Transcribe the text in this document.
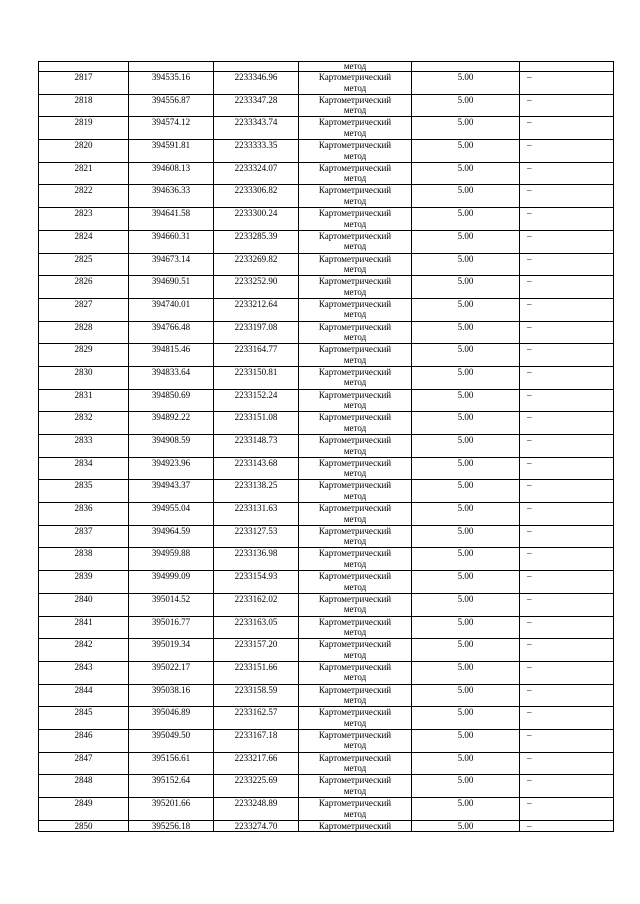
			метод		
2817	394535.16	2233346.96	Картометрический
метод	5.00	–
2818	394556.87	2233347.28	Картометрический
метод	5.00	–
2819	394574.12	2233343.74	Картометрический
метод	5.00	–
2820	394591.81	2233333.35	Картометрический
метод	5.00	–
2821	394608.13	2233324.07	Картометрический
метод	5.00	–
2822	394636.33	2233306.82	Картометрический
метод	5.00	–
2823	394641.58	2233300.24	Картометрический
метод	5.00	–
2824	394660.31	2233285.39	Картометрический
метод	5.00	–
2825	394673.14	2233269.82	Картометрический
метод	5.00	–
2826	394690.51	2233252.90	Картометрический
метод	5.00	–
2827	394740.01	2233212.64	Картометрический
метод	5.00	–
2828	394766.48	2233197.08	Картометрический
метод	5.00	–
2829	394815.46	2233164.77	Картометрический
метод	5.00	–
2830	394833.64	2233150.81	Картометрический
метод	5.00	–
2831	394850.69	2233152.24	Картометрический
метод	5.00	–
2832	394892.22	2233151.08	Картометрический
метод	5.00	–
2833	394908.59	2233148.73	Картометрический
метод	5.00	–
2834	394923.96	2233143.68	Картометрический
метод	5.00	–
2835	394943.37	2233138.25	Картометрический
метод	5.00	–
2836	394955.04	2233131.63	Картометрический
метод	5.00	–
2837	394964.59	2233127.53	Картометрический
метод	5.00	–
2838	394959.88	2233136.98	Картометрический
метод	5.00	–
2839	394999.09	2233154.93	Картометрический
метод	5.00	–
2840	395014.52	2233162.02	Картометрический
метод	5.00	–
2841	395016.77	2233163.05	Картометрический
метод	5.00	–
2842	395019.34	2233157.20	Картометрический
метод	5.00	–
2843	395022.17	2233151.66	Картометрический
метод	5.00	–
2844	395038.16	2233158.59	Картометрический
метод	5.00	–
2845	395046.89	2233162.57	Картометрический
метод	5.00	–
2846	395049.50	2233167.18	Картометрический
метод	5.00	–
2847	395156.61	2233217.66	Картометрический
метод	5.00	–
2848	395152.64	2233225.69	Картометрический
метод	5.00	–
2849	395201.66	2233248.89	Картометрический
метод	5.00	–
2850	395256.18	2233274.70	Картометрический	5.00	–
